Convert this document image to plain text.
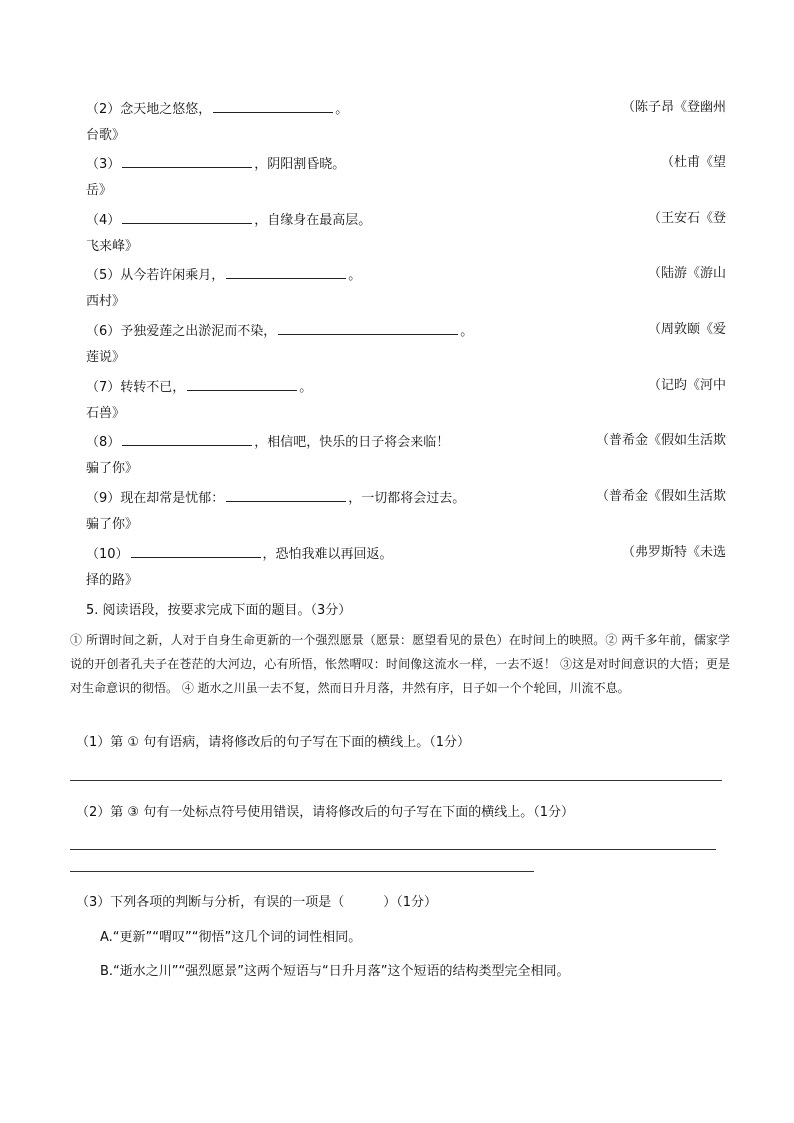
（2） 念天地之悠悠，	。	（陈子昂《登幽州
台歌》
（3）	，阴阳割昏晓。	（杜甫《望
岳》
（4）	，自缘身在最高层。	（王安石《登
飞来峰》
（5） 从今若许闲乘月，	。	（陆游《游山
西村》
（6） 予独爱莲之出淤泥而不染，	。	（周敦颐《爱
莲说》
（7） 转转不已，	。	（记昀《河中
石兽》
（8）	，相信吧，快乐的日子将会来临！	（普希金《假如生活欺
骗了你》
（9） 现在却常是忧郁：	，一切都将会过去。	（普希金《假如生活欺
骗了你》
（10）	，恐怕我难以再回返。	（弗罗斯特《未选
择的路》
5. 阅读语段，按要求完成下面的题目。（3分）
① 所谓时间之新，人对于自身生命更新的一个强烈愿景（愿景：愿望看见的景色）在时间上的映照。② 两千多年前，儒家学说的开创者孔夫子在苍茫的大河边，心有所悟，怅然喟叹：时间像这流水一样，一去不返！ ③这是对时间意识的大悟；更是对生命意识的彻悟。 ④ 逝水之川虽一去不复，然而日升月落，井然有序，日子如一个个轮回，川流不息。
（1）第 ① 句有语病，请将修改后的句子写在下面的横线上。（1分）
（2）第 ③ 句有一处标点符号使用错误，请将修改后的句子写在下面的横线上。（1分）
（3）下列各项的判断与分析，有误的一项是（　　　）（1分）
A.“更新”“喟叹”“彻悟”这几个词的词性相同。
B.“逝水之川”“强烈愿景”这两个短语与“日升月落”这个短语的结构类型完全相同。
